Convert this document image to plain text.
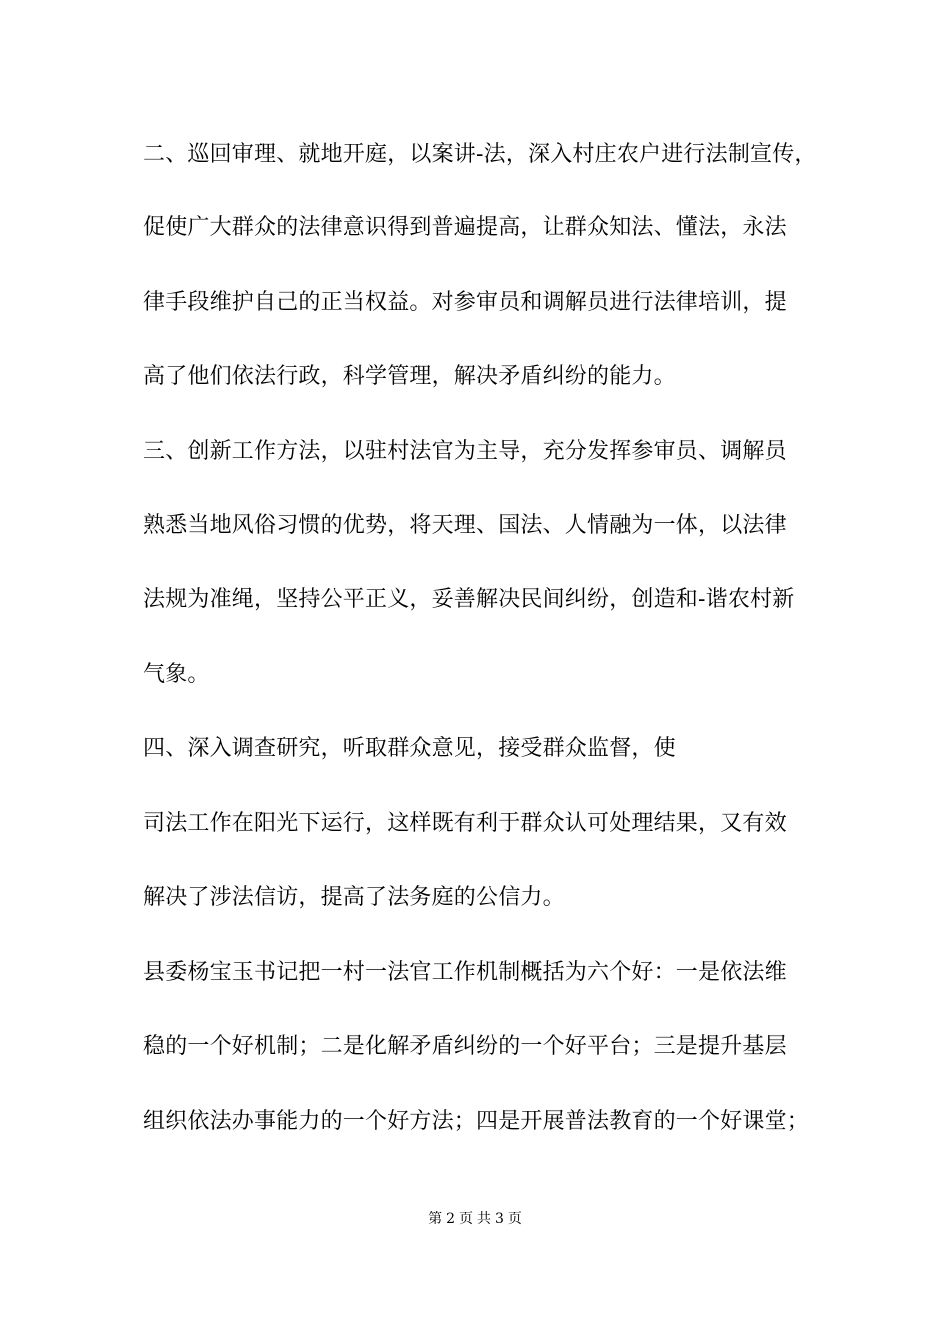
二、巡回审理、就地开庭，以案讲-法，深入村庄农户进行法制宣传，
促使广大群众的法律意识得到普遍提高，让群众知法、懂法，永法
律手段维护自己的正当权益。对参审员和调解员进行法律培训，提
高了他们依法行政，科学管理，解决矛盾纠纷的能力。
三、创新工作方法，以驻村法官为主导，充分发挥参审员、调解员
熟悉当地风俗习惯的优势，将天理、国法、人情融为一体，以法律
法规为准绳，坚持公平正义，妥善解决民间纠纷，创造和-谐农村新
气象。
四、深入调查研究，听取群众意见，接受群众监督，使
司法工作在阳光下运行，这样既有利于群众认可处理结果，又有效
解决了涉法信访，提高了法务庭的公信力。
县委杨宝玉书记把一村一法官工作机制概括为六个好：一是依法维
稳的一个好机制；二是化解矛盾纠纷的一个好平台；三是提升基层
组织依法办事能力的一个好方法；四是开展普法教育的一个好课堂；
第 2 页 共 3 页
